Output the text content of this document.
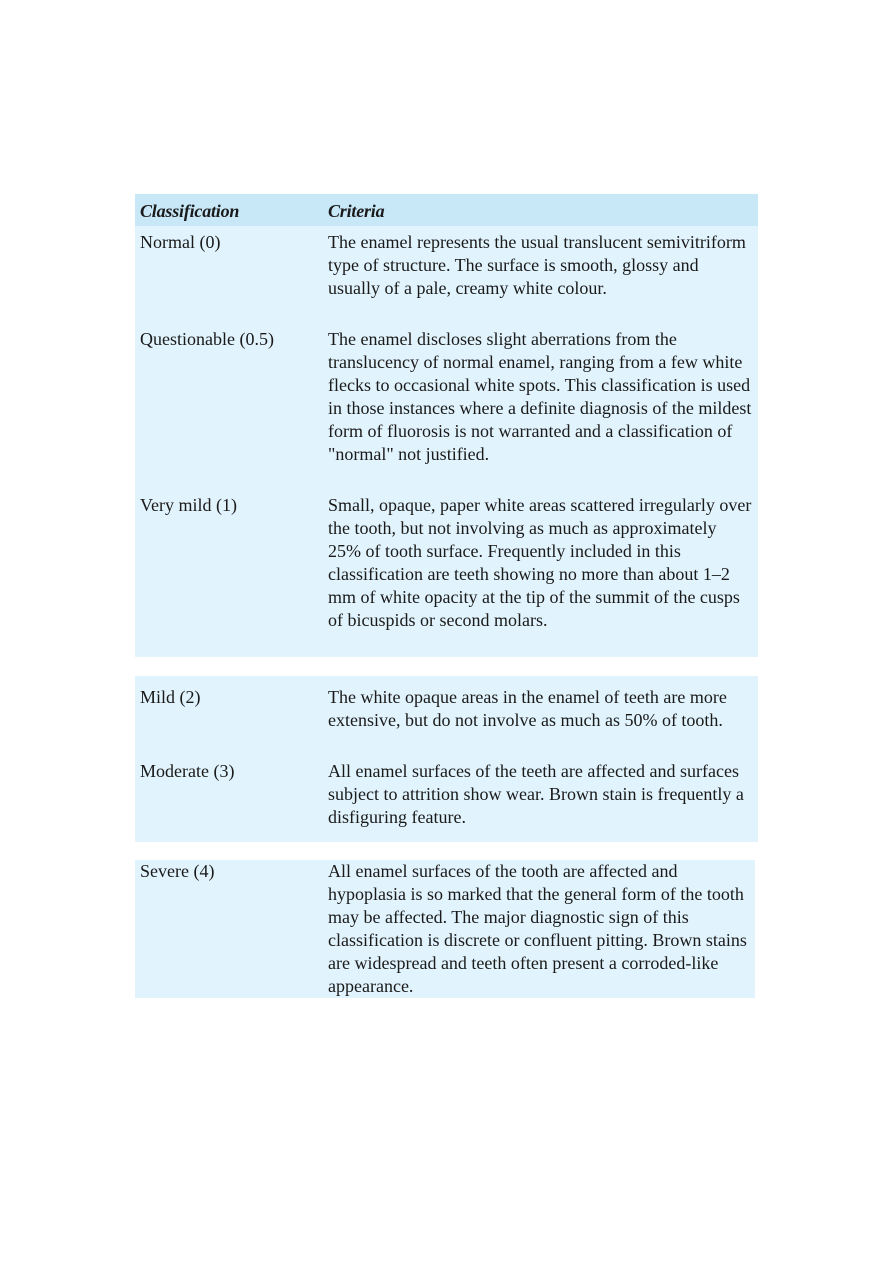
Classification	Criteria
Normal (0)	The enamel represents the usual translucent semivitriform type of structure. The surface is smooth, glossy and usually of a pale, creamy white colour.
Questionable (0.5)	The enamel discloses slight aberrations from the translucency of normal enamel, ranging from a few white flecks to occasional white spots. This classification is used in those instances where a definite diagnosis of the mildest form of fluorosis is not warranted and a classification of "normal" not justified.
Very mild (1)	Small, opaque, paper white areas scattered irregularly over the tooth, but not involving as much as approximately 25% of tooth surface. Frequently included in this classification are teeth showing no more than about 1–2 mm of white opacity at the tip of the summit of the cusps of bicuspids or second molars.
Mild (2)	The white opaque areas in the enamel of teeth are more extensive, but do not involve as much as 50% of tooth.
Moderate (3)	All enamel surfaces of the teeth are affected and surfaces subject to attrition show wear. Brown stain is frequently a disfiguring feature.
Severe (4)	All enamel surfaces of the tooth are affected and hypoplasia is so marked that the general form of the tooth may be affected. The major diagnostic sign of this classification is discrete or confluent pitting. Brown stains are widespread and teeth often present a corroded-like appearance.
